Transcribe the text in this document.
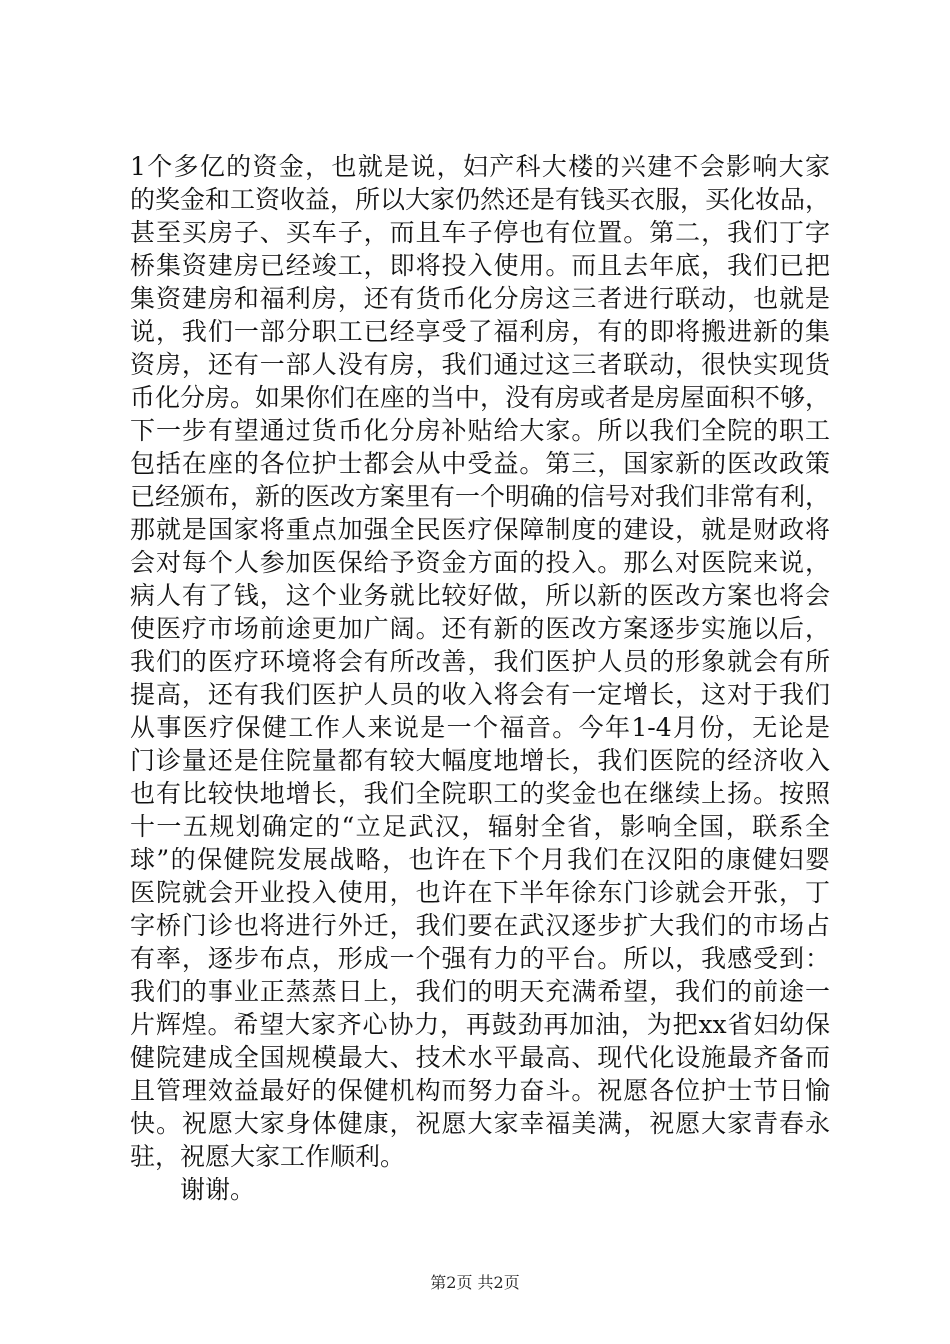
1个多亿的资金，也就是说，妇产科大楼的兴建不会影响大家
的奖金和工资收益，所以大家仍然还是有钱买衣服，买化妆品，
甚至买房子、买车子，而且车子停也有位置。第二，我们丁字
桥集资建房已经竣工，即将投入使用。而且去年底，我们已把
集资建房和福利房，还有货币化分房这三者进行联动，也就是
说，我们一部分职工已经享受了福利房，有的即将搬进新的集
资房，还有一部人没有房，我们通过这三者联动，很快实现货
币化分房。如果你们在座的当中，没有房或者是房屋面积不够，
下一步有望通过货币化分房补贴给大家。所以我们全院的职工
包括在座的各位护士都会从中受益。第三，国家新的医改政策
已经颁布，新的医改方案里有一个明确的信号对我们非常有利，
那就是国家将重点加强全民医疗保障制度的建设，就是财政将
会对每个人参加医保给予资金方面的投入。那么对医院来说，
病人有了钱，这个业务就比较好做，所以新的医改方案也将会
使医疗市场前途更加广阔。还有新的医改方案逐步实施以后，
我们的医疗环境将会有所改善，我们医护人员的形象就会有所
提高，还有我们医护人员的收入将会有一定增长，这对于我们
从事医疗保健工作人来说是一个福音。今年1-4月份，无论是
门诊量还是住院量都有较大幅度地增长，我们医院的经济收入
也有比较快地增长，我们全院职工的奖金也在继续上扬。按照
十一五规划确定的“立足武汉，辐射全省，影响全国，联系全
球”的保健院发展战略，也许在下个月我们在汉阳的康健妇婴
医院就会开业投入使用，也许在下半年徐东门诊就会开张，丁
字桥门诊也将进行外迁，我们要在武汉逐步扩大我们的市场占
有率，逐步布点，形成一个强有力的平台。所以，我感受到：
我们的事业正蒸蒸日上，我们的明天充满希望，我们的前途一
片辉煌。希望大家齐心协力，再鼓劲再加油，为把xx省妇幼保
健院建成全国规模最大、技术水平最高、现代化设施最齐备而
且管理效益最好的保健机构而努力奋斗。祝愿各位护士节日愉
快。祝愿大家身体健康，祝愿大家幸福美满，祝愿大家青春永
驻，祝愿大家工作顺利。
谢谢。
第2页 共2页
